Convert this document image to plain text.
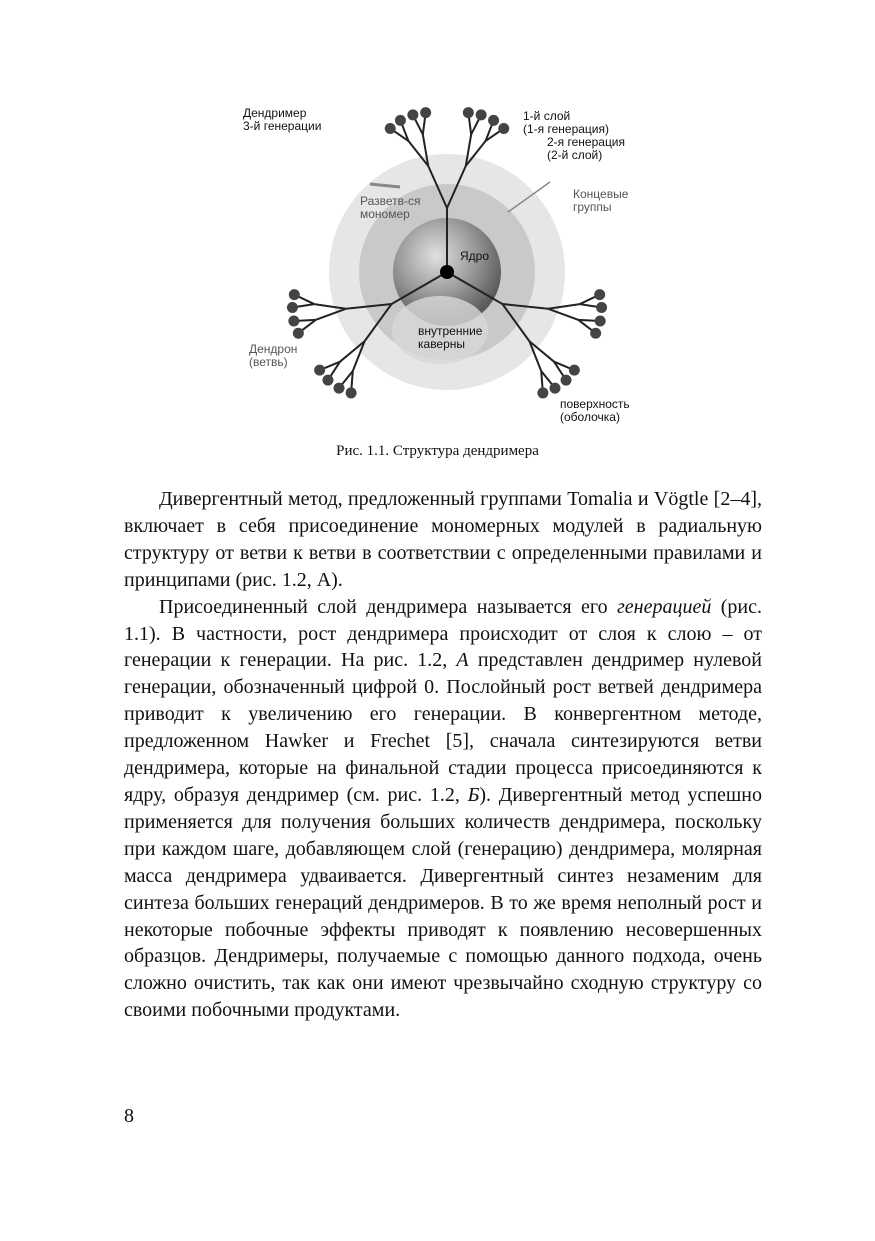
Дендример
3-й генерации
1-й слой
(1-я генерация)
2-я генерация
(2-й слой)
Разветв-ся
мономер
Концевые
группы
Ядро
внутренние
каверны
Дендрон
(ветвь)
поверхность
(оболочка)
Рис. 1.1. Структура дендримера

Дивергентный метод, предложенный группами Tomalia и Vögtle [2–4], включает в себя присоединение мономерных модулей в радиальную структуру от ветви к ветви в соответствии с определенными правилами и принципами (рис. 1.2, А).

Присоединенный слой дендримера называется его генерацией (рис. 1.1). В частности, рост дендримера происходит от слоя к слою – от генерации к генерации. На рис. 1.2, А представлен дендример нулевой генерации, обозначенный цифрой 0. Послойный рост ветвей дендримера приводит к увеличению его генерации. В конвергентном методе, предложенном Hawker и Frechet [5], сначала синтезируются ветви дендримера, которые на финальной стадии процесса присоединяются к ядру, образуя дендример (см. рис. 1.2, Б). Дивергентный метод успешно применяется для получения больших количеств дендримера, поскольку при каждом шаге, добавляющем слой (генерацию) дендримера, молярная масса дендримера удваивается. Дивергентный синтез незаменим для синтеза больших генераций дендримеров. В то же время неполный рост и некоторые побочные эффекты приводят к появлению несовершенных образцов. Дендримеры, получаемые с помощью данного подхода, очень сложно очистить, так как они имеют чрезвычайно сходную структуру со своими побочными продуктами.

8
